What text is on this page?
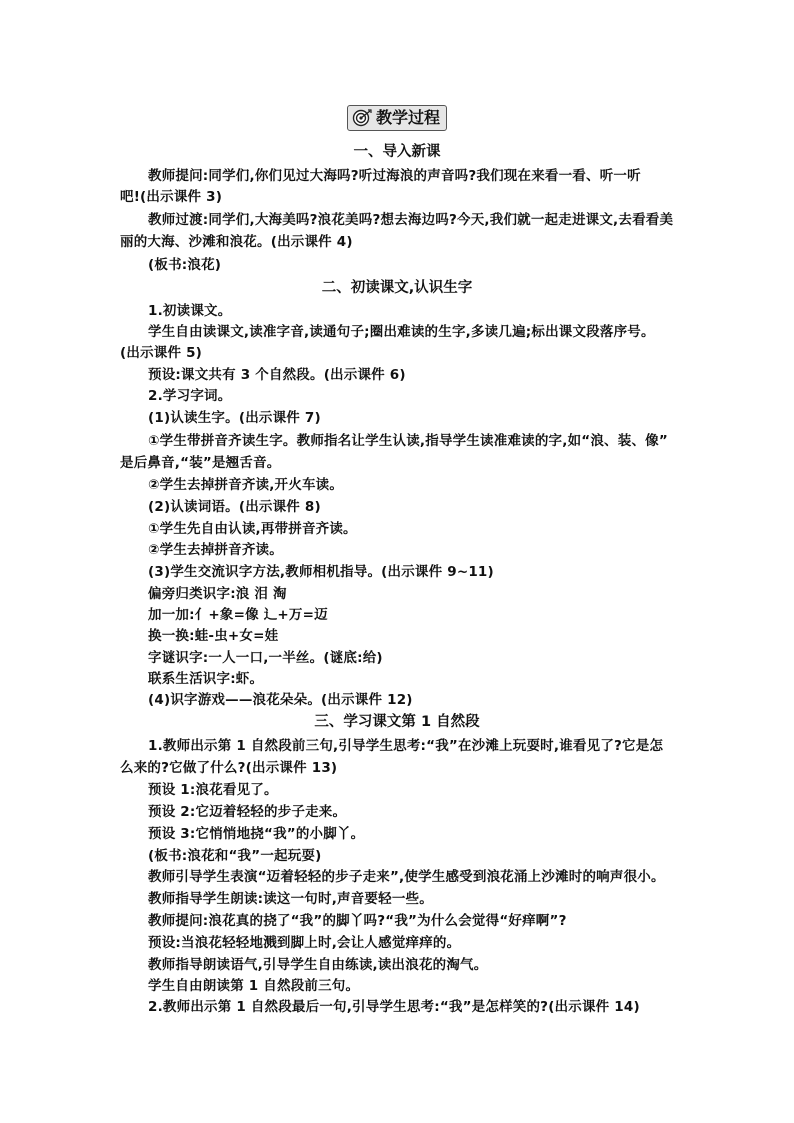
教学过程
一、导入新课
教师提问:同学们,你们见过大海吗?听过海浪的声音吗?我们现在来看一看、听一听
吧!(出示课件 3)
教师过渡:同学们,大海美吗?浪花美吗?想去海边吗?今天,我们就一起走进课文,去看看美
丽的大海、沙滩和浪花。(出示课件 4)
(板书:浪花)
二、初读课文,认识生字
1.初读课文。
学生自由读课文,读准字音,读通句子;圈出难读的生字,多读几遍;标出课文段落序号。
(出示课件 5)
预设:课文共有 3 个自然段。(出示课件 6)
2.学习字词。
(1)认读生字。(出示课件 7)
①学生带拼音齐读生字。教师指名让学生认读,指导学生读准难读的字,如“浪、装、像”
是后鼻音,“装”是翘舌音。
②学生去掉拼音齐读,开火车读。
(2)认读词语。(出示课件 8)
①学生先自由认读,再带拼音齐读。
②学生去掉拼音齐读。
(3)学生交流识字方法,教师相机指导。(出示课件 9~11)
偏旁归类识字:浪 泪 淘
加一加:亻+象=像 辶+万=迈
换一换:蛙-虫+女=娃
字谜识字:一人一口,一半丝。(谜底:给)
联系生活识字:虾。
(4)识字游戏——浪花朵朵。(出示课件 12)
三、学习课文第 1 自然段
1.教师出示第 1 自然段前三句,引导学生思考:“我”在沙滩上玩耍时,谁看见了?它是怎
么来的?它做了什么?(出示课件 13)
预设 1:浪花看见了。
预设 2:它迈着轻轻的步子走来。
预设 3:它悄悄地挠“我”的小脚丫。
(板书:浪花和“我”一起玩耍)
教师引导学生表演“迈着轻轻的步子走来”,使学生感受到浪花涌上沙滩时的响声很小。
教师指导学生朗读:读这一句时,声音要轻一些。
教师提问:浪花真的挠了“我”的脚丫吗?“我”为什么会觉得“好痒啊”?
预设:当浪花轻轻地溅到脚上时,会让人感觉痒痒的。
教师指导朗读语气,引导学生自由练读,读出浪花的淘气。
学生自由朗读第 1 自然段前三句。
2.教师出示第 1 自然段最后一句,引导学生思考:“我”是怎样笑的?(出示课件 14)
